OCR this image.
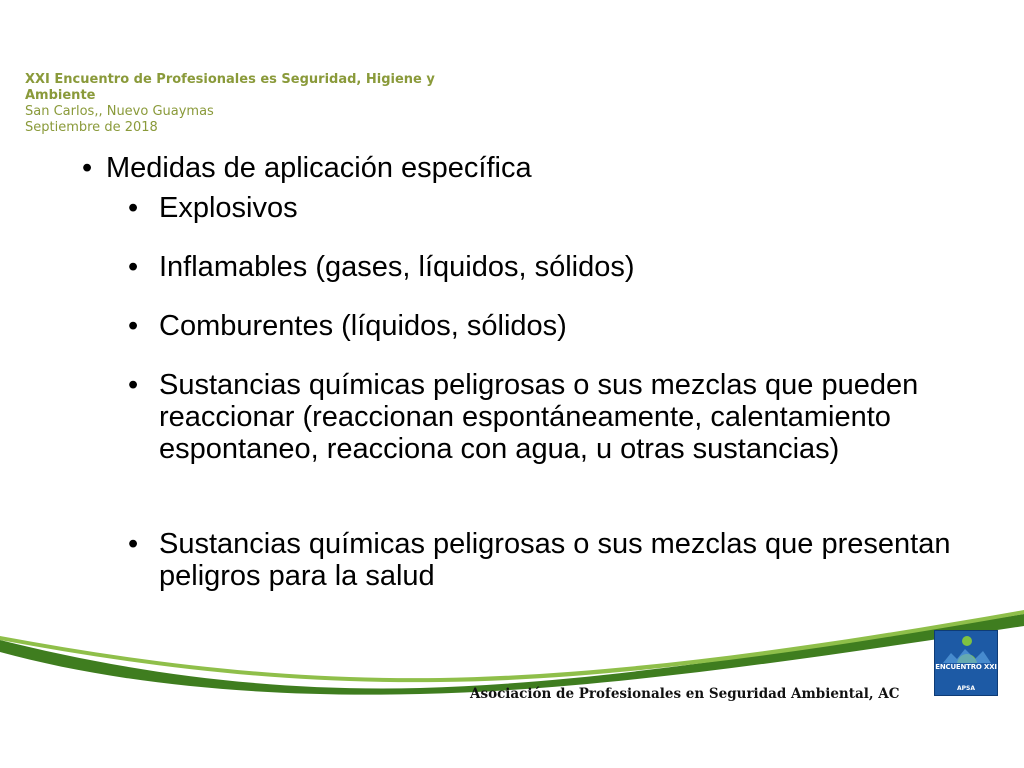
XXI Encuentro de Profesionales es Seguridad, Higiene y Ambiente
San Carlos,, Nuevo Guaymas
Septiembre de 2018
• Medidas de aplicación específica
• Explosivos
• Inflamables (gases, líquidos, sólidos)
• Comburentes (líquidos, sólidos)
• Sustancias químicas peligrosas o sus mezclas que pueden reaccionar (reaccionan espontáneamente, calentamiento espontaneo, reacciona con agua, u otras sustancias)
• Sustancias químicas peligrosas o sus mezclas que presentan peligros para la salud
Asociación de Profesionales en Seguridad Ambiental, AC
ENCUENTRO XXI
APSA
